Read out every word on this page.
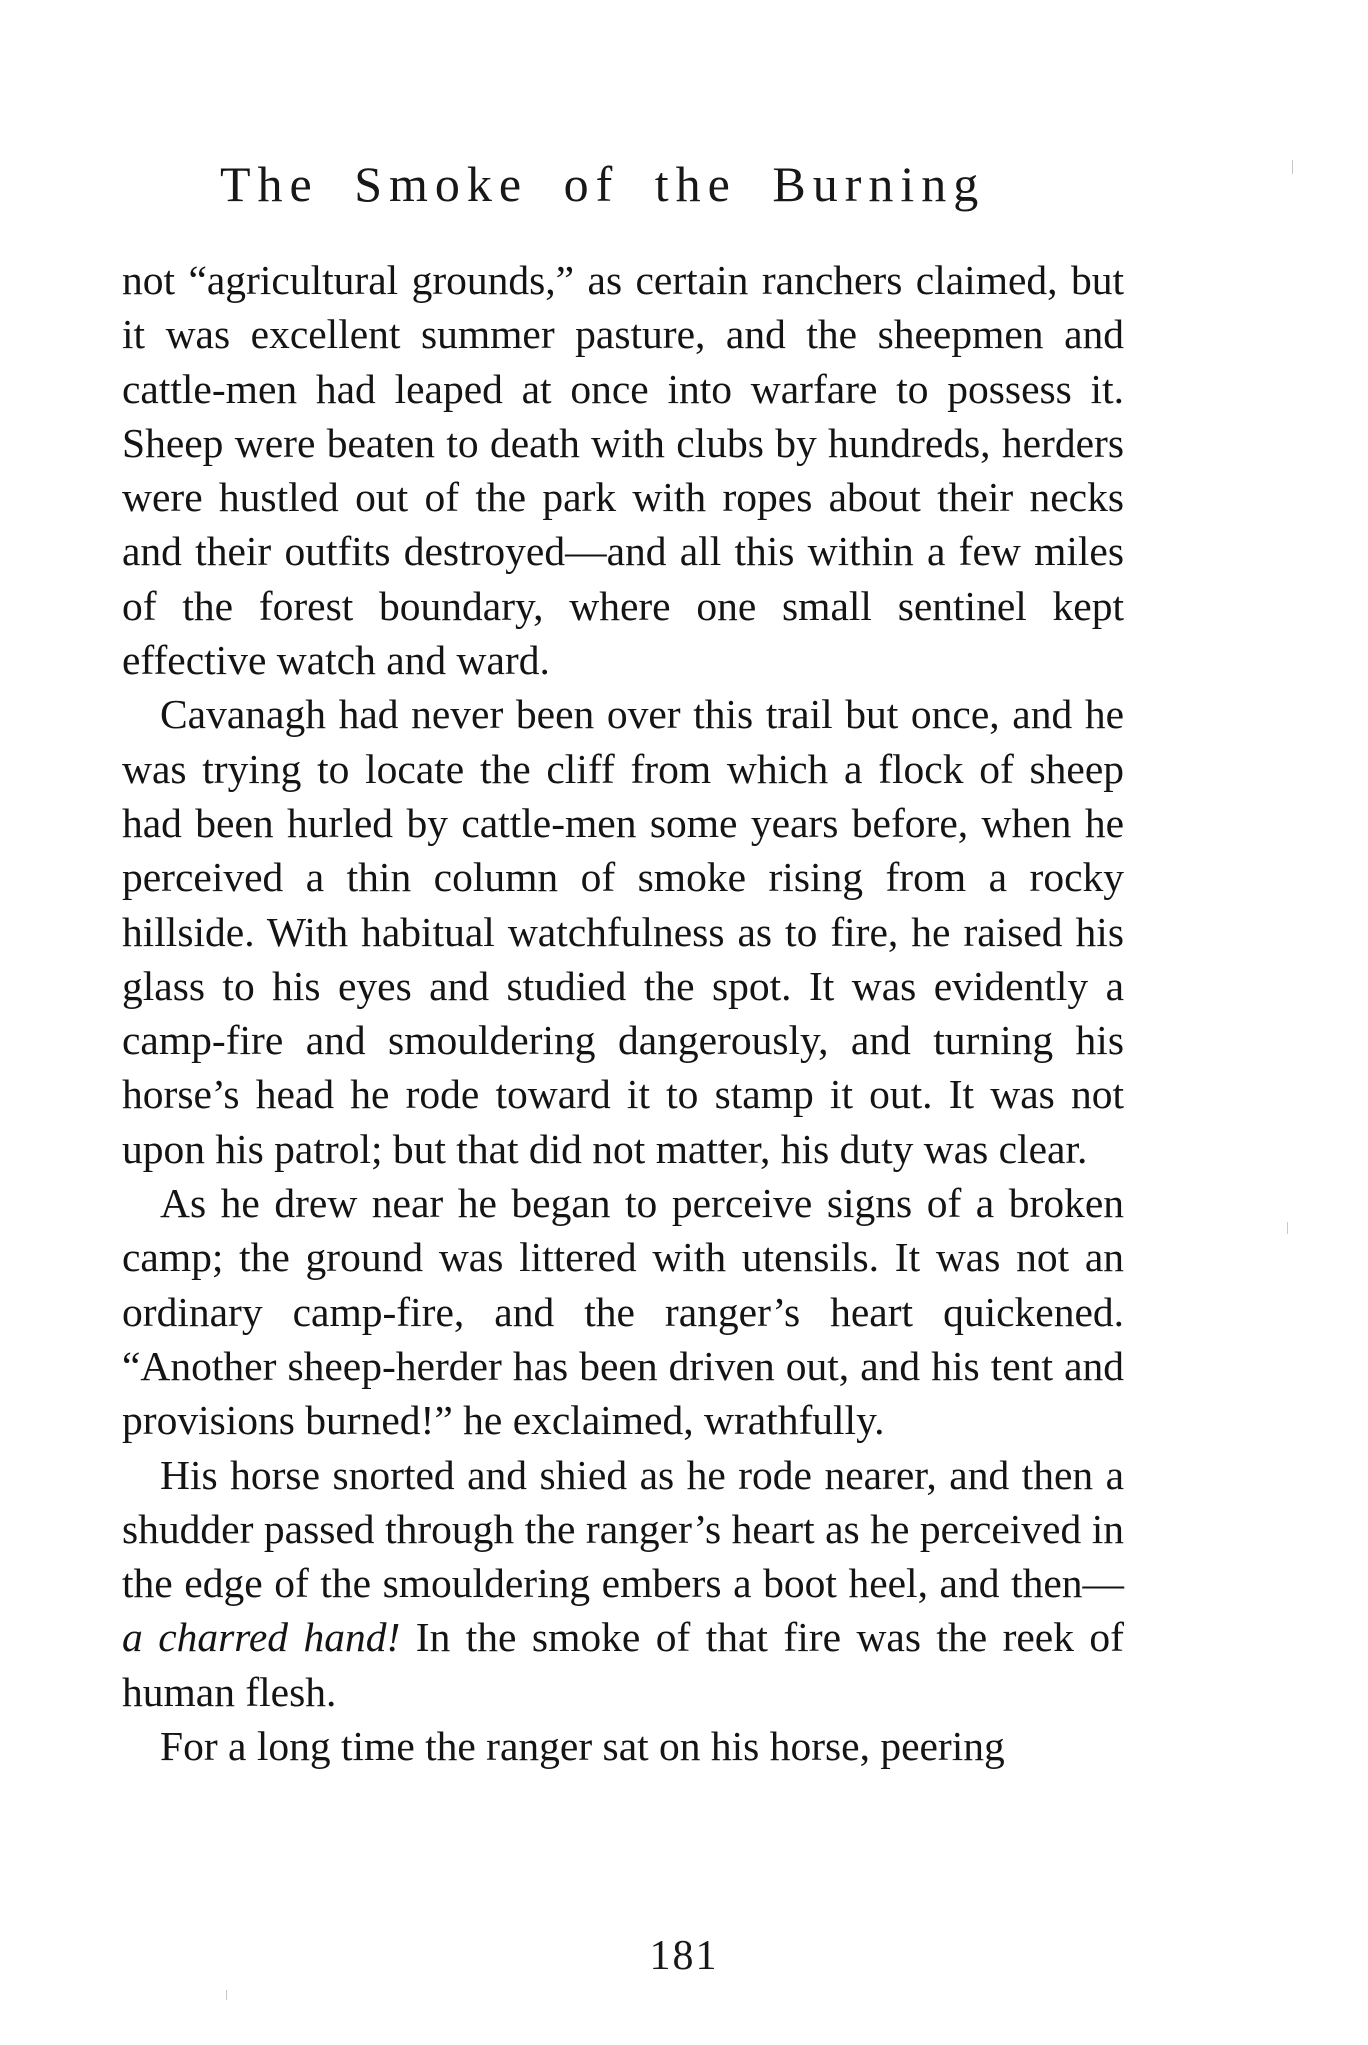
The Smoke of the Burning

not “agricultural grounds,” as certain ranchers claimed, but it was excellent summer pasture, and the sheepmen and cattle-men had leaped at once into warfare to possess it. Sheep were beaten to death with clubs by hundreds, herders were hustled out of the park with ropes about their necks and their outfits destroyed—and all this within a few miles of the forest boundary, where one small sentinel kept effective watch and ward.

Cavanagh had never been over this trail but once, and he was trying to locate the cliff from which a flock of sheep had been hurled by cattle-men some years before, when he perceived a thin column of smoke rising from a rocky hillside. With habitual watchfulness as to fire, he raised his glass to his eyes and studied the spot. It was evidently a camp-fire and smouldering dangerously, and turning his horse’s head he rode toward it to stamp it out. It was not upon his patrol; but that did not matter, his duty was clear.

As he drew near he began to perceive signs of a broken camp; the ground was littered with utensils. It was not an ordinary camp-fire, and the ranger’s heart quickened. “Another sheep-herder has been driven out, and his tent and provisions burned!” he exclaimed, wrathfully.

His horse snorted and shied as he rode nearer, and then a shudder passed through the ranger’s heart as he perceived in the edge of the smouldering embers a boot heel, and then—a charred hand! In the smoke of that fire was the reek of human flesh.

For a long time the ranger sat on his horse, peering

181
